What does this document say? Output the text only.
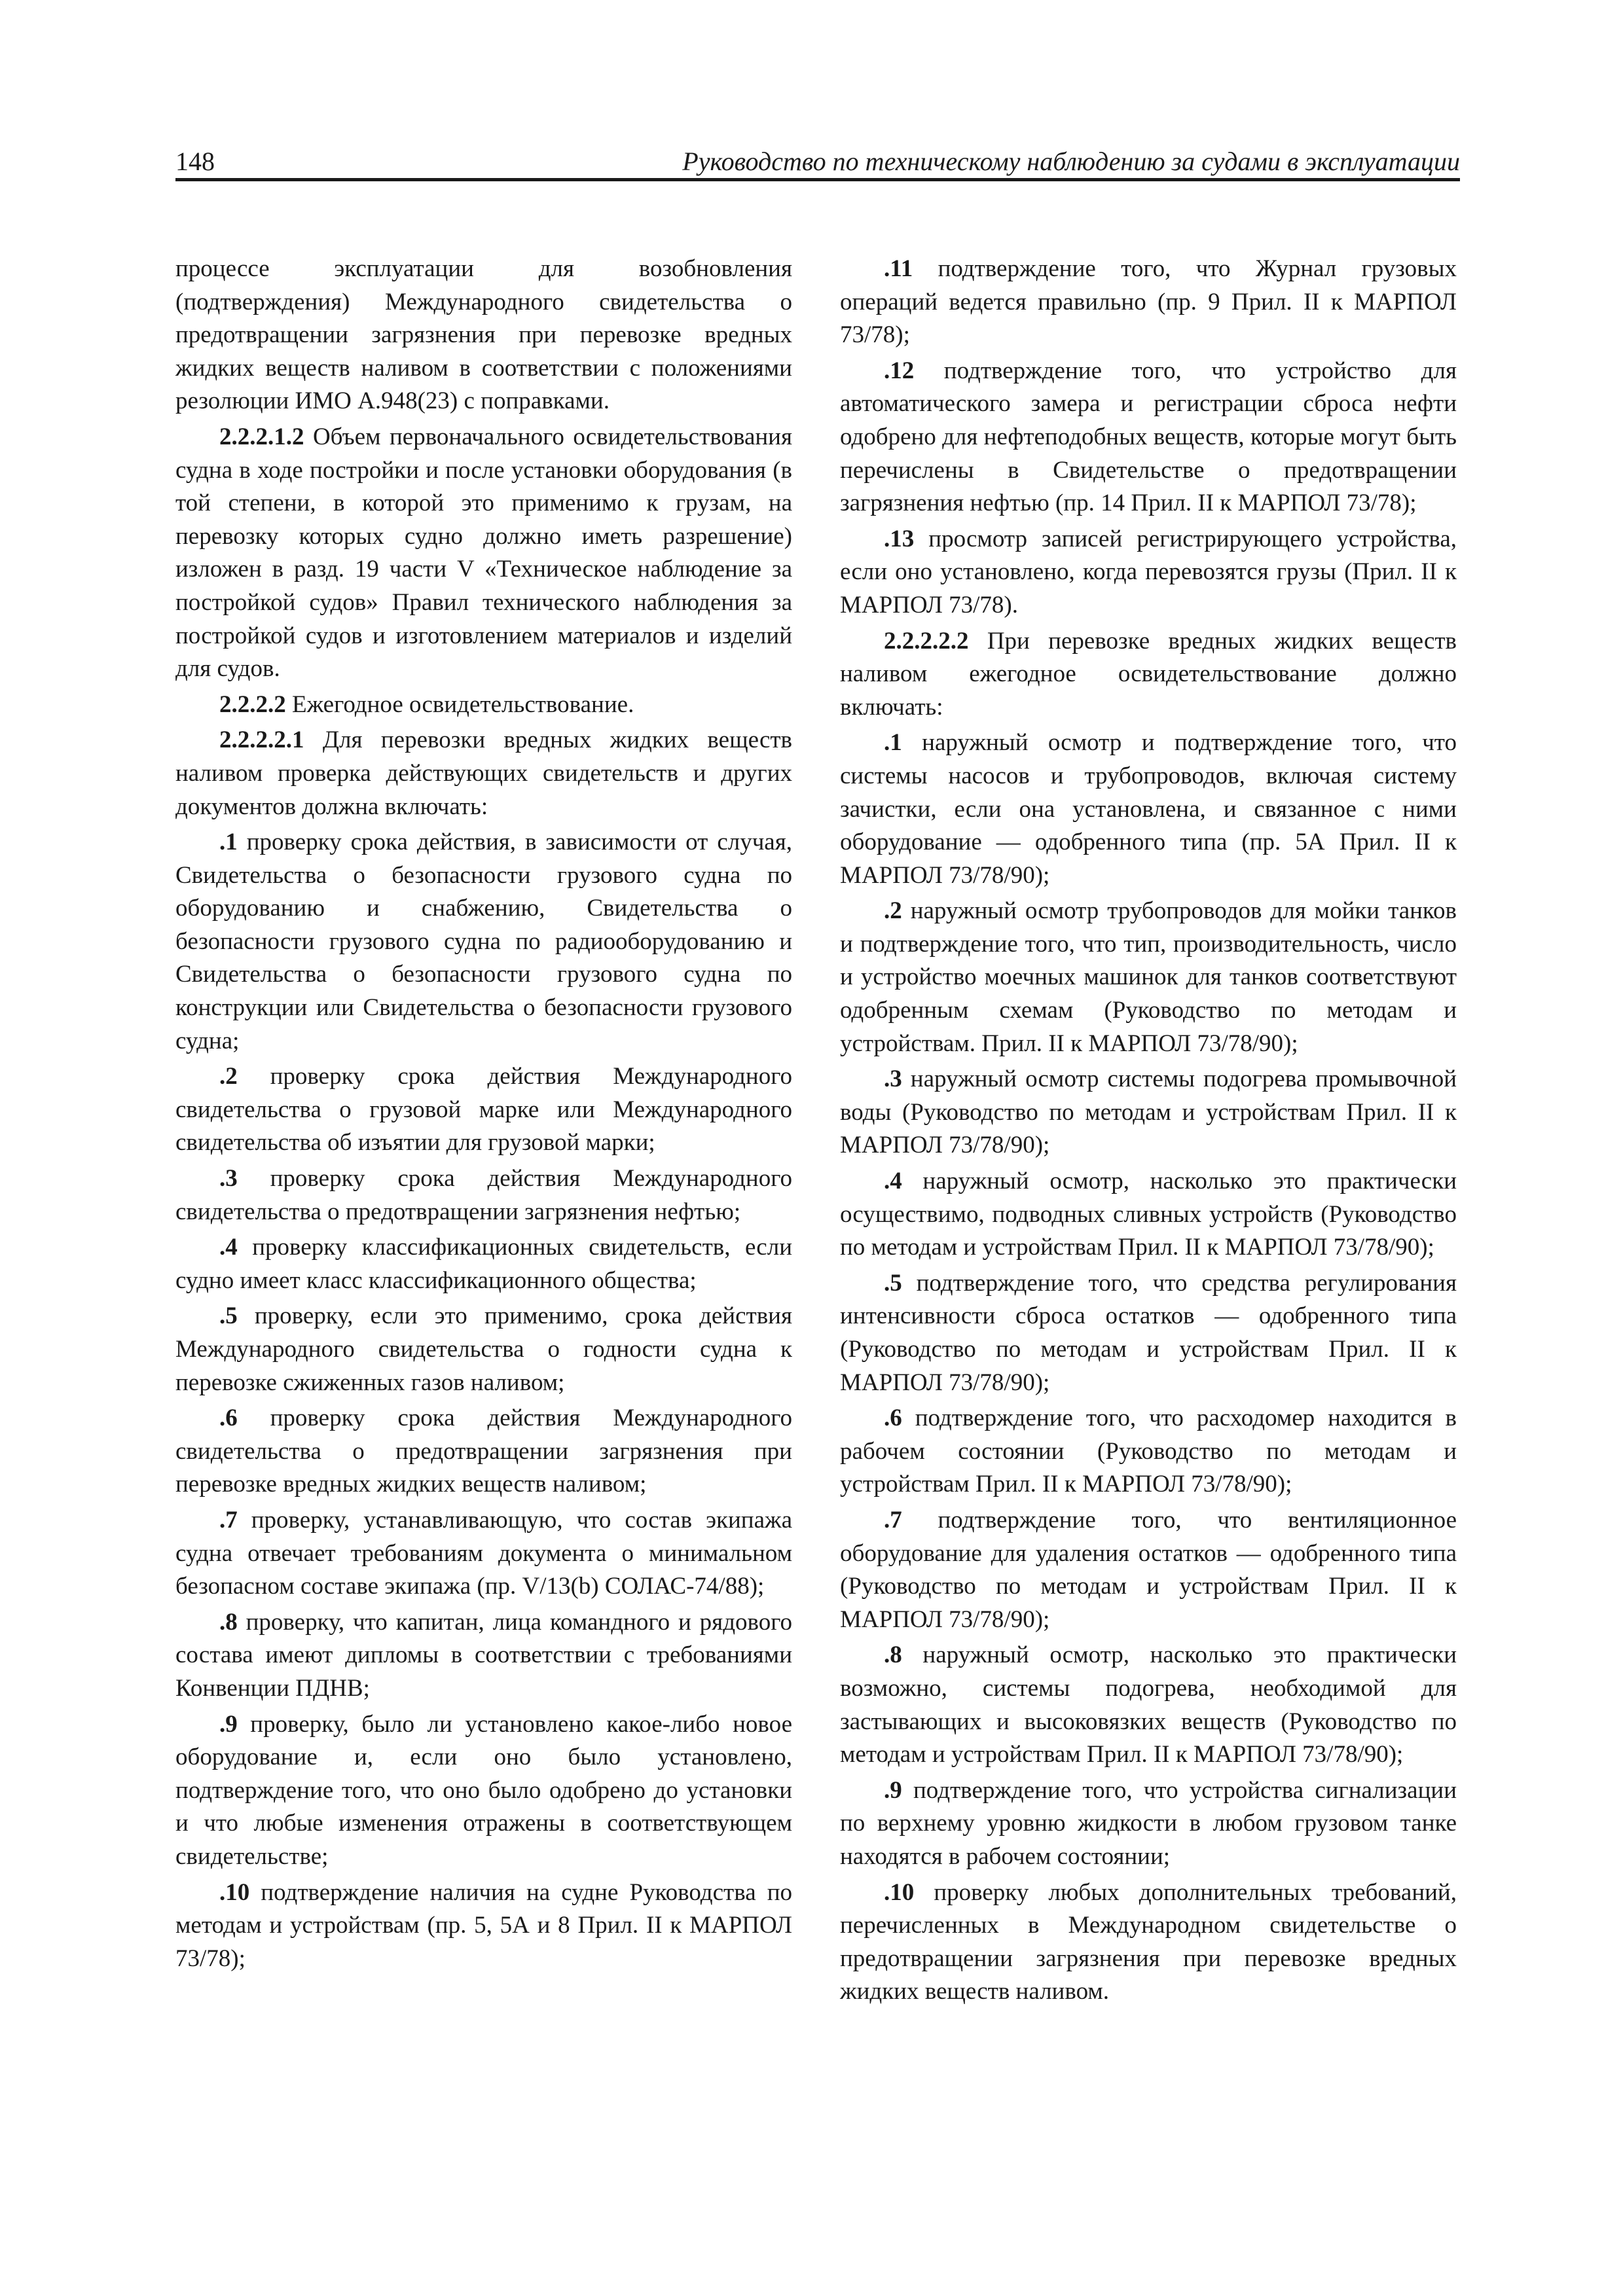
148	Руководство по техническому наблюдению за судами в эксплуатации

процессе эксплуатации для возобновления (подтверждения) Международного свидетельства о предотвращении загрязнения при перевозке вредных жидких веществ наливом в соответствии с положениями резолюции ИМО А.948(23) с поправками.

2.2.2.1.2 Объем первоначального освидетельствования судна в ходе постройки и после установки оборудования (в той степени, в которой это применимо к грузам, на перевозку которых судно должно иметь разрешение) изложен в разд. 19 части V «Техническое наблюдение за постройкой судов» Правил технического наблюдения за постройкой судов и изготовлением материалов и изделий для судов.

2.2.2.2 Ежегодное освидетельствование.

2.2.2.2.1 Для перевозки вредных жидких веществ наливом проверка действующих свидетельств и других документов должна включать:

.1 проверку срока действия, в зависимости от случая, Свидетельства о безопасности грузового судна по оборудованию и снабжению, Свидетельства о безопасности грузового судна по радиооборудованию и Свидетельства о безопасности грузового судна по конструкции или Свидетельства о безопасности грузового судна;

.2 проверку срока действия Международного свидетельства о грузовой марке или Международного свидетельства об изъятии для грузовой марки;

.3 проверку срока действия Международного свидетельства о предотвращении загрязнения нефтью;

.4 проверку классификационных свидетельств, если судно имеет класс классификационного общества;

.5 проверку, если это применимо, срока действия Международного свидетельства о годности судна к перевозке сжиженных газов наливом;

.6 проверку срока действия Международного свидетельства о предотвращении загрязнения при перевозке вредных жидких веществ наливом;

.7 проверку, устанавливающую, что состав экипажа судна отвечает требованиям документа о минимальном безопасном составе экипажа (пр. V/13(b) СОЛАС-74/88);

.8 проверку, что капитан, лица командного и рядового состава имеют дипломы в соответствии с требованиями Конвенции ПДНВ;

.9 проверку, было ли установлено какое-либо новое оборудование и, если оно было установлено, подтверждение того, что оно было одобрено до установки и что любые изменения отражены в соответствующем свидетельстве;

.10 подтверждение наличия на судне Руководства по методам и устройствам (пр. 5, 5А и 8 Прил. II к МАРПОЛ 73/78);

.11 подтверждение того, что Журнал грузовых операций ведется правильно (пр. 9 Прил. II к МАРПОЛ 73/78);

.12 подтверждение того, что устройство для автоматического замера и регистрации сброса нефти одобрено для нефтеподобных веществ, которые могут быть перечислены в Свидетельстве о предотвращении загрязнения нефтью (пр. 14 Прил. II к МАРПОЛ 73/78);

.13 просмотр записей регистрирующего устройства, если оно установлено, когда перевозятся грузы (Прил. II к МАРПОЛ 73/78).

2.2.2.2.2 При перевозке вредных жидких веществ наливом ежегодное освидетельствование должно включать:

.1 наружный осмотр и подтверждение того, что системы насосов и трубопроводов, включая систему зачистки, если она установлена, и связанное с ними оборудование — одобренного типа (пр. 5А Прил. II к МАРПОЛ 73/78/90);

.2 наружный осмотр трубопроводов для мойки танков и подтверждение того, что тип, производительность, число и устройство моечных машинок для танков соответствуют одобренным схемам (Руководство по методам и устройствам. Прил. II к МАРПОЛ 73/78/90);

.3 наружный осмотр системы подогрева промывочной воды (Руководство по методам и устройствам Прил. II к МАРПОЛ 73/78/90);

.4 наружный осмотр, насколько это практически осуществимо, подводных сливных устройств (Руководство по методам и устройствам Прил. II к МАРПОЛ 73/78/90);

.5 подтверждение того, что средства регулирования интенсивности сброса остатков — одобренного типа (Руководство по методам и устройствам Прил. II к МАРПОЛ 73/78/90);

.6 подтверждение того, что расходомер находится в рабочем состоянии (Руководство по методам и устройствам Прил. II к МАРПОЛ 73/78/90);

.7 подтверждение того, что вентиляционное оборудование для удаления остатков — одобренного типа (Руководство по методам и устройствам Прил. II к МАРПОЛ 73/78/90);

.8 наружный осмотр, насколько это практически возможно, системы подогрева, необходимой для застывающих и высоковязких веществ (Руководство по методам и устройствам Прил. II к МАРПОЛ 73/78/90);

.9 подтверждение того, что устройства сигнализации по верхнему уровню жидкости в любом грузовом танке находятся в рабочем состоянии;

.10 проверку любых дополнительных требований, перечисленных в Международном свидетельстве о предотвращении загрязнения при перевозке вредных жидких веществ наливом.
